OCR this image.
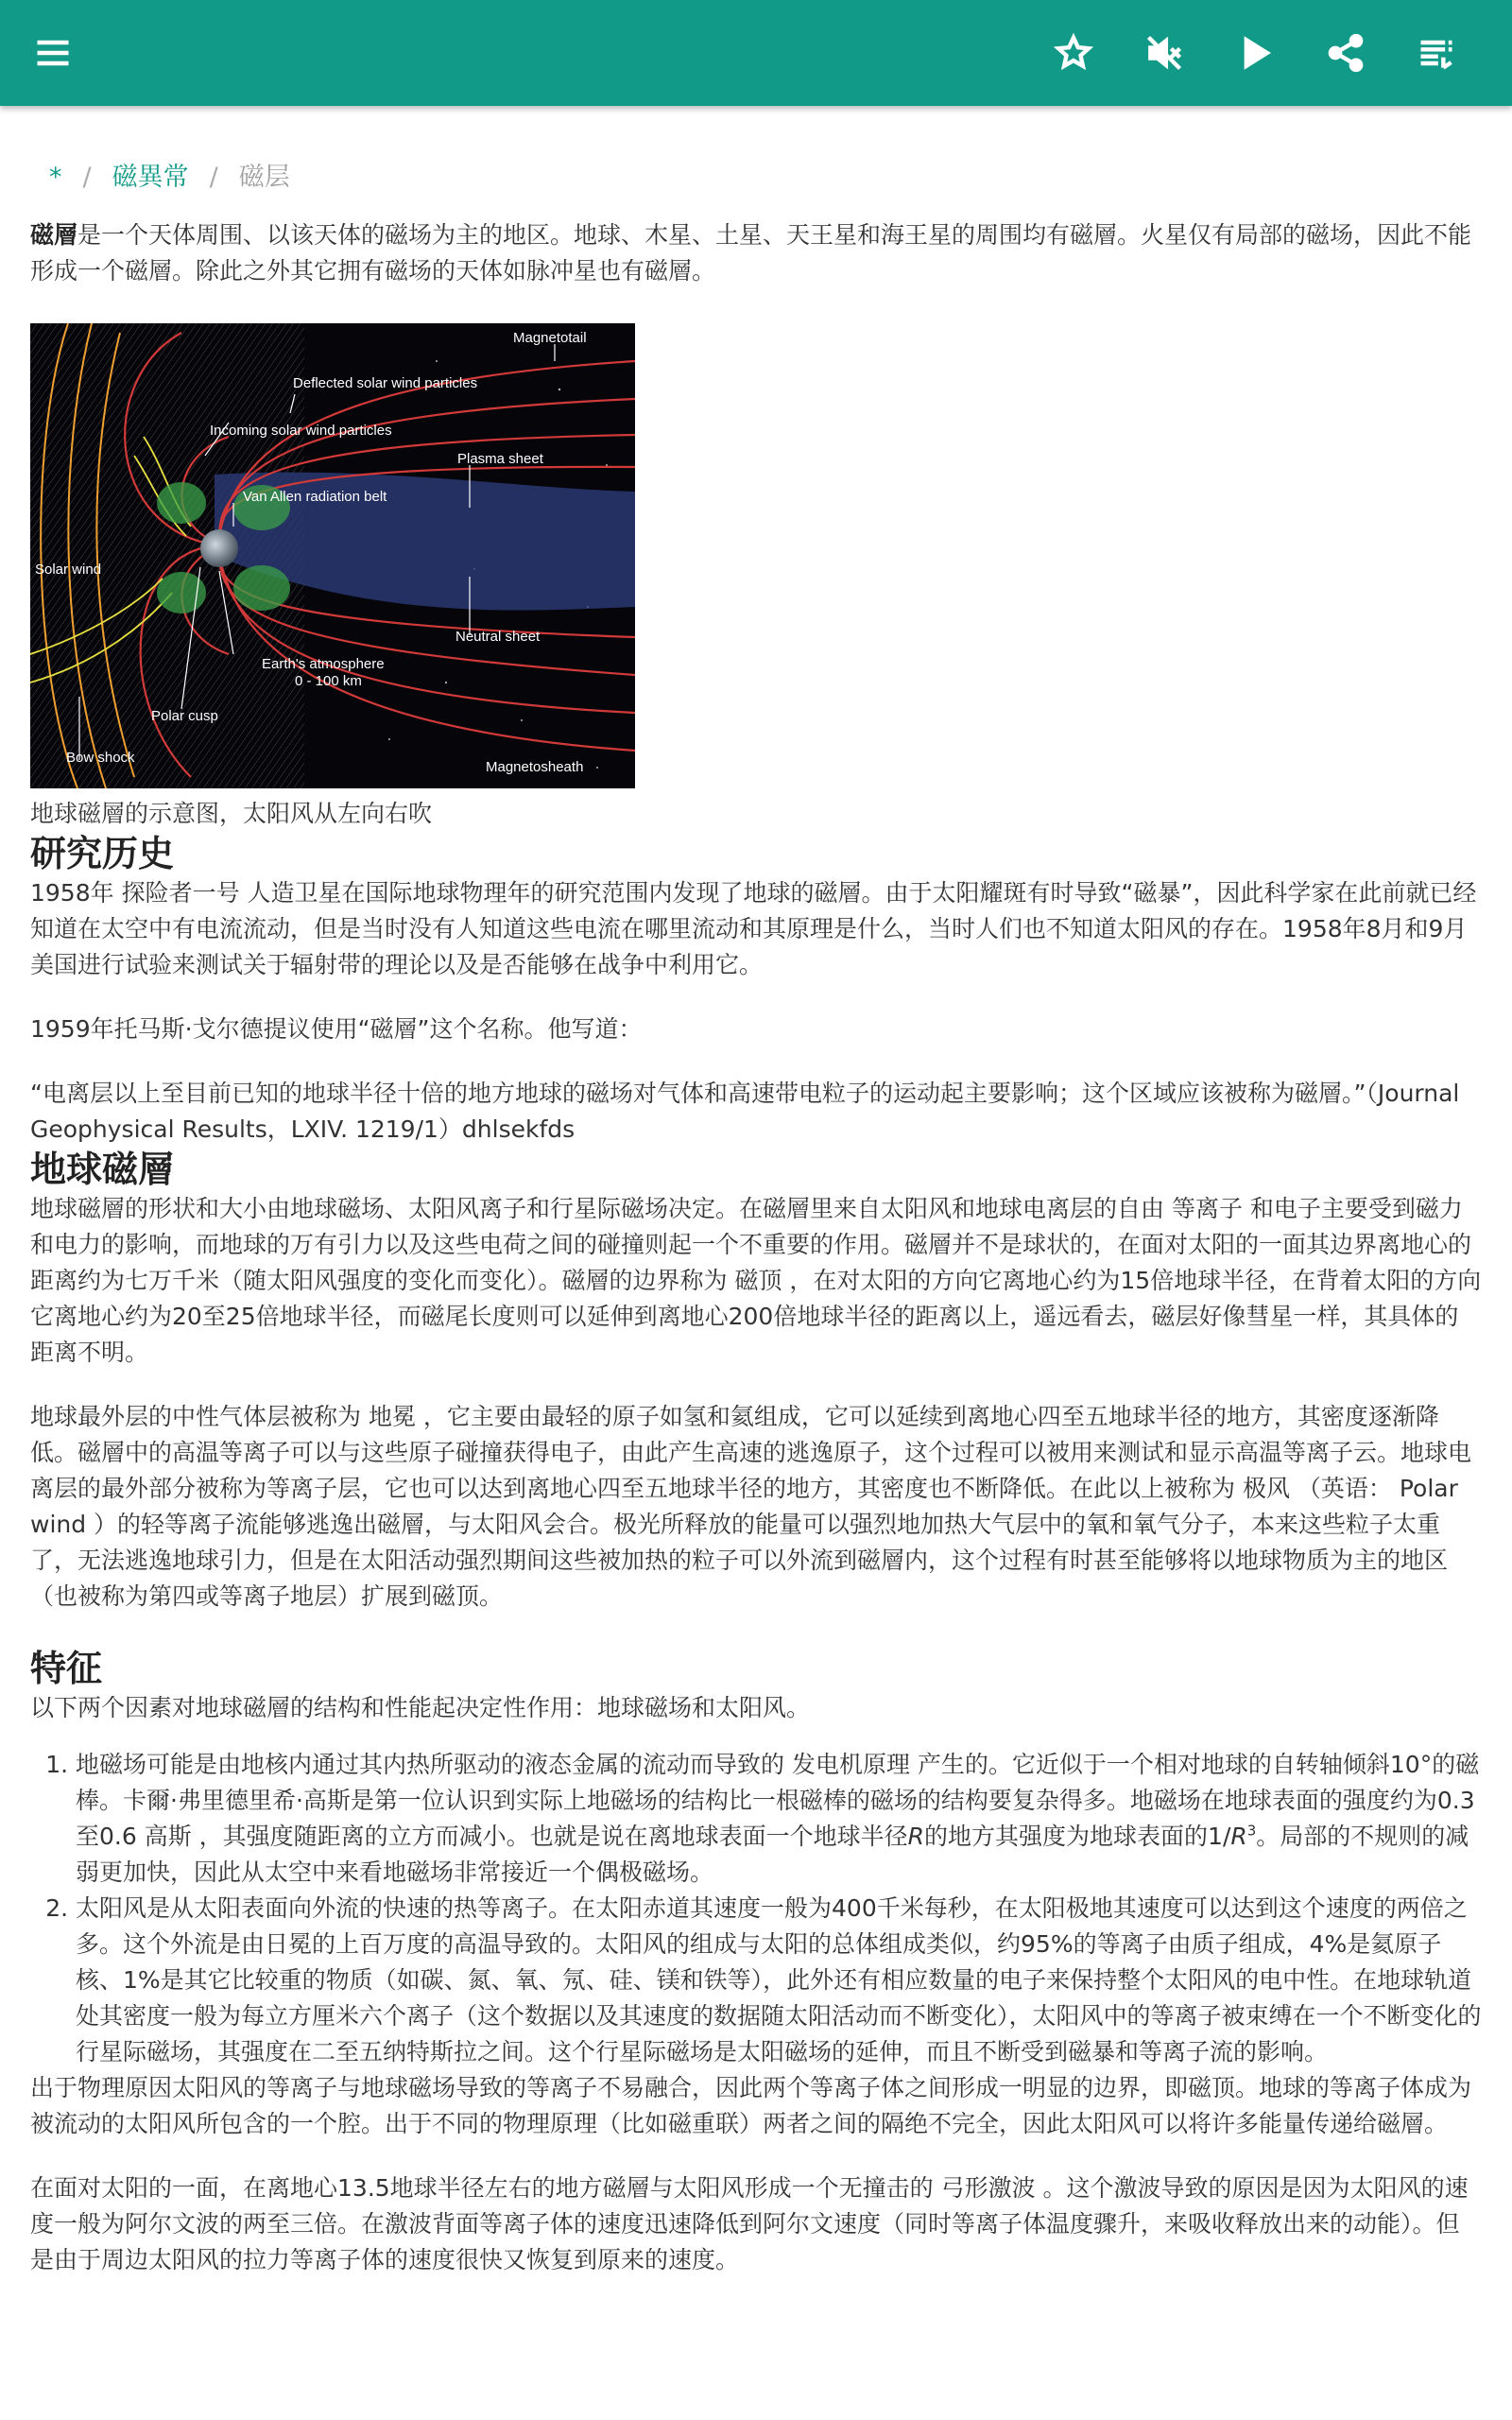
* / 磁異常 / 磁层

磁層是一个天体周围、以该天体的磁场为主的地区。地球、木星、土星、天王星和海王星的周围均有磁層。火星仅有局部的磁场，因此不能形成一个磁層。除此之外其它拥有磁场的天体如脉冲星也有磁層。

Magnetotail
Deflected solar wind particles
Incoming solar wind particles
Plasma sheet
Van Allen radiation belt
Solar wind
Neutral sheet
Earth's atmosphere
0 - 100 km
Polar cusp
Bow shock
Magnetosheath
地球磁層的示意图，太阳风从左向右吹
研究历史

1958年 探险者一号 人造卫星在国际地球物理年的研究范围内发现了地球的磁層。由于太阳耀斑有时导致“磁暴”，因此科学家在此前就已经知道在太空中有电流流动，但是当时没有人知道这些电流在哪里流动和其原理是什么，当时人们也不知道太阳风的存在。1958年8月和9月美国进行试验来测试关于辐射带的理论以及是否能够在战争中利用它。

1959年托马斯·戈尔德提议使用“磁層”这个名称。他写道：

“电离层以上至目前已知的地球半径十倍的地方地球的磁场对气体和高速带电粒子的运动起主要影响；这个区域应该被称为磁層。”（Journal Geophysical Results，LXIV. 1219/1）dhlsekfds

地球磁層

地球磁層的形状和大小由地球磁场、太阳风离子和行星际磁场决定。在磁層里来自太阳风和地球电离层的自由 等离子 和电子主要受到磁力和电力的影响，而地球的万有引力以及这些电荷之间的碰撞则起一个不重要的作用。磁層并不是球状的，在面对太阳的一面其边界离地心的距离约为七万千米（随太阳风强度的变化而变化）。磁層的边界称为 磁顶 ，在对太阳的方向它离地心约为15倍地球半径，在背着太阳的方向它离地心约为20至25倍地球半径，而磁尾长度则可以延伸到离地心200倍地球半径的距离以上，遥远看去，磁层好像彗星一样，其具体的距离不明。

地球最外层的中性气体层被称为 地冕 ，它主要由最轻的原子如氢和氦组成，它可以延续到离地心四至五地球半径的地方，其密度逐渐降低。磁層中的高温等离子可以与这些原子碰撞获得电子，由此产生高速的逃逸原子，这个过程可以被用来测试和显示高温等离子云。地球电离层的最外部分被称为等离子层，它也可以达到离地心四至五地球半径的地方，其密度也不断降低。在此以上被称为 极风 （英语： Polar wind ）的轻等离子流能够逃逸出磁層，与太阳风会合。极光所释放的能量可以强烈地加热大气层中的氧和氧气分子，本来这些粒子太重了，无法逃逸地球引力，但是在太阳活动强烈期间这些被加热的粒子可以外流到磁層内，这个过程有时甚至能够将以地球物质为主的地区（也被称为第四或等离子地层）扩展到磁顶。

特征

以下两个因素对地球磁層的结构和性能起决定性作用：地球磁场和太阳风。

1. 地磁场可能是由地核内通过其内热所驱动的液态金属的流动而导致的 发电机原理 产生的。它近似于一个相对地球的自转轴倾斜10°的磁棒。卡爾·弗里德里希·高斯是第一位认识到实际上地磁场的结构比一根磁棒的磁场的结构要复杂得多。地磁场在地球表面的强度约为0.3至0.6 高斯 ，其强度随距离的立方而减小。也就是说在离地球表面一个地球半径R的地方其强度为地球表面的$1/R^3$。局部的不规则的减弱更加快，因此从太空中来看地磁场非常接近一个偶极磁场。
2. 太阳风是从太阳表面向外流的快速的热等离子。在太阳赤道其速度一般为400千米每秒，在太阳极地其速度可以达到这个速度的两倍之多。这个外流是由日冕的上百万度的高温导致的。太阳风的组成与太阳的总体组成类似，约95%的等离子由质子组成，4%是氦原子核、1%是其它比较重的物质（如碳、氮、氧、氖、硅、镁和铁等），此外还有相应数量的电子来保持整个太阳风的电中性。在地球轨道处其密度一般为每立方厘米六个离子（这个数据以及其速度的数据随太阳活动而不断变化），太阳风中的等离子被束缚在一个不断变化的行星际磁场，其强度在二至五纳特斯拉之间。这个行星际磁场是太阳磁场的延伸，而且不断受到磁暴和等离子流的影响。

出于物理原因太阳风的等离子与地球磁场导致的等离子不易融合，因此两个等离子体之间形成一明显的边界，即磁顶。地球的等离子体成为被流动的太阳风所包含的一个腔。出于不同的物理原理（比如磁重联）两者之间的隔绝不完全，因此太阳风可以将许多能量传递给磁層。

在面对太阳的一面，在离地心13.5地球半径左右的地方磁層与太阳风形成一个无撞击的 弓形激波 。这个激波导致的原因是因为太阳风的速度一般为阿尔文波的两至三倍。在激波背面等离子体的速度迅速降低到阿尔文速度（同时等离子体温度骤升，来吸收释放出来的动能）。但是由于周边太阳风的拉力等离子体的速度很快又恢复到原来的速度。
